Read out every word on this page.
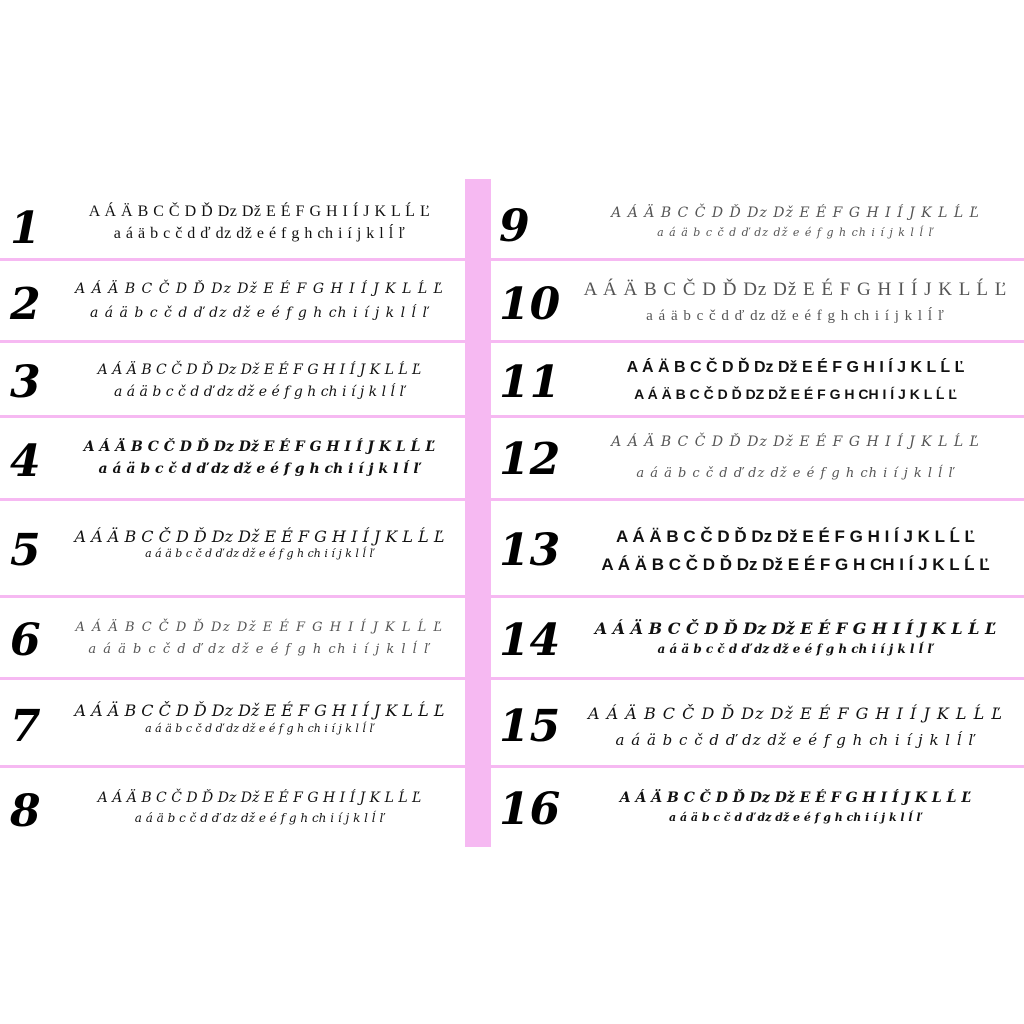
1	A Á Ä B C Č D Ď Dz Dž E É F G H I Í J K L Ĺ Ľ
a á ä b c č d ď dz dž e é f g h ch i í j k l ĺ ľ
2	A Á Ä B C Č D Ď Dz Dž E É F G H I Í J K L Ĺ Ľ
a á ä b c č d ď dz dž e é f g h ch i í j k l ĺ ľ
3	A Á Ä B C Č D Ď Dz Dž E É F G H I Í J K L Ĺ Ľ
a á ä b c č d ď dz dž e é f g h ch i í j k l ĺ ľ
4	A Á Ä B C Č D Ď Dz Dž E É F G H I Í J K L Ĺ Ľ
a á ä b c č d ď dz dž e é f g h ch i í j k l ĺ ľ
5	A Á Ä B C Č D Ď Dz Dž E É F G H I Í J K L Ĺ Ľ
a á ä b c č d ď dz dž e é f g h ch i í j k l ĺ ľ
6	A Á Ä B C Č D Ď Dz Dž E É F G H I Í J K L Ĺ Ľ
a á ä b c č d ď dz dž e é f g h ch i í j k l ĺ ľ
7	A Á Ä B C Č D Ď Dz Dž E É F G H I Í J K L Ĺ Ľ
a á ä b c č d ď dz dž e é f g h ch i í j k l ĺ ľ
8	A Á Ä B C Č D Ď Dz Dž E É F G H I Í J K L Ĺ Ľ
a á ä b c č d ď dz dž e é f g h ch i í j k l ĺ ľ
9	A Á Ä B C Č D Ď Dz Dž E É F G H I Í J K L Ĺ Ľ
a á ä b c č d ď dz dž e é f g h ch i í j k l ĺ ľ
10	A Á Ä B C Č D Ď Dz Dž E É F G H I Í J K L Ĺ Ľ
a á ä b c č d ď dz dž e é f g h ch i í j k l ĺ ľ
11	A Á Ä B C Č D Ď Dz Dž E É F G H I Í J K L Ĺ Ľ
A Á Ä B C Č D Ď DZ DŽ E É F G H CH I Í J K L Ĺ Ľ
12	A Á Ä B C Č D Ď Dz Dž E É F G H I Í J K L Ĺ Ľ
a á ä b c č d ď dz dž e é f g h ch i í j k l ĺ ľ
13	A Á Ä B C Č D Ď Dz Dž E É F G H I Í J K L Ĺ Ľ
A Á Ä B C Č D Ď Dz Dž E É F G H CH I Í J K L Ĺ Ľ
14	A Á Ä B C Č D Ď Dz Dž E É F G H I Í J K L Ĺ Ľ
a á ä b c č d ď dz dž e é f g h ch i í j k l ĺ ľ
15	A Á Ä B C Č D Ď Dz Dž E É F G H I Í J K L Ĺ Ľ
a á ä b c č d ď dz dž e é f g h ch i í j k l ĺ ľ
16	A Á Ä B C Č D Ď Dz Dž E É F G H I Í J K L Ĺ Ľ
a á ä b c č d ď dz dž e é f g h ch i í j k l ĺ ľ
